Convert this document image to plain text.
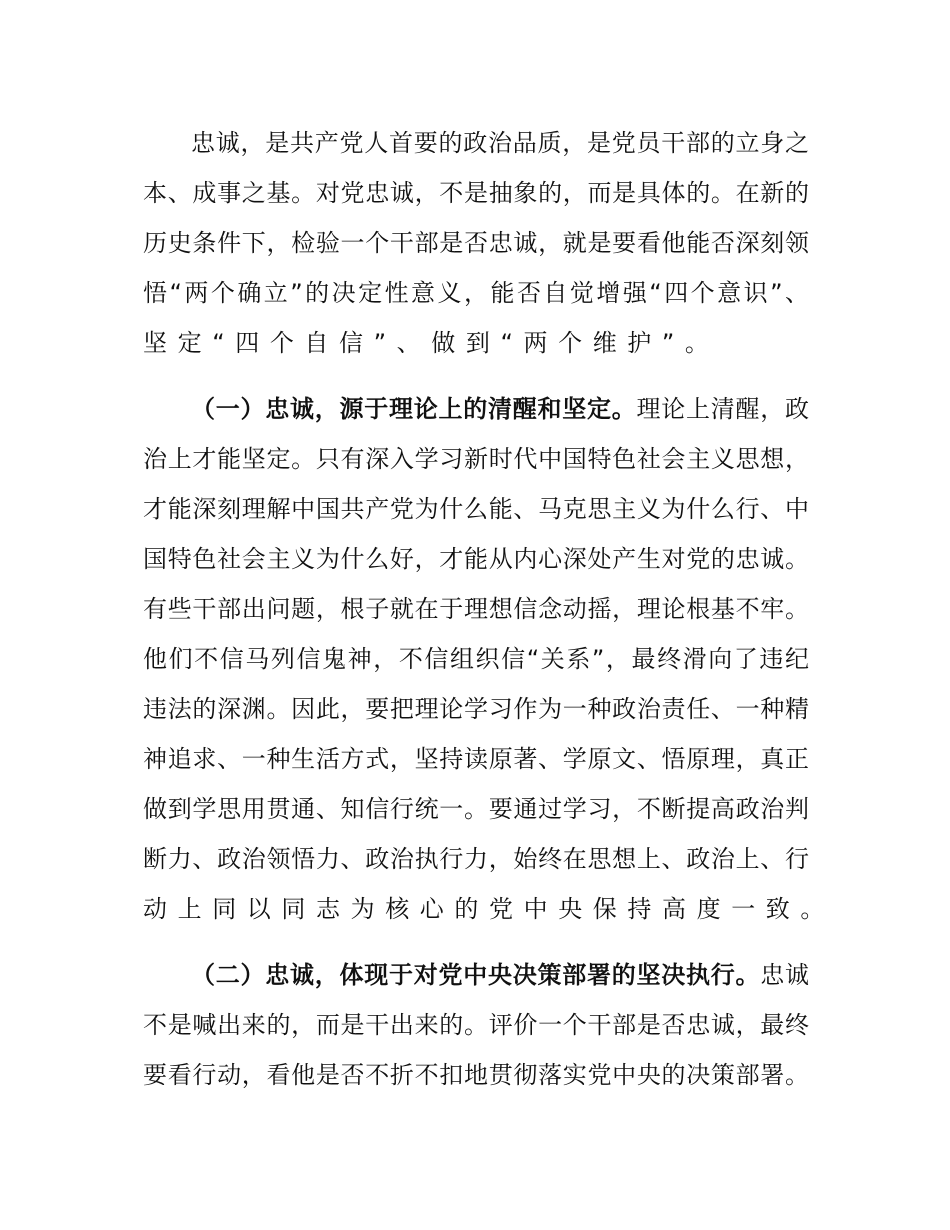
忠诚，是共产党人首要的政治品质，是党员干部的立身之
本、成事之基。对党忠诚，不是抽象的，而是具体的。在新的
历史条件下，检验一个干部是否忠诚，就是要看他能否深刻领
悟“两个确立”的决定性意义，能否自觉增强“四个意识”、
坚定“四个自信”、做到“两个维护”。
（一）忠诚，源于理论上的清醒和坚定。理论上清醒，政
治上才能坚定。只有深入学习新时代中国特色社会主义思想，
才能深刻理解中国共产党为什么能、马克思主义为什么行、中
国特色社会主义为什么好，才能从内心深处产生对党的忠诚。
有些干部出问题，根子就在于理想信念动摇，理论根基不牢。
他们不信马列信鬼神，不信组织信“关系”，最终滑向了违纪
违法的深渊。因此，要把理论学习作为一种政治责任、一种精
神追求、一种生活方式，坚持读原著、学原文、悟原理，真正
做到学思用贯通、知信行统一。要通过学习，不断提高政治判
断力、政治领悟力、政治执行力，始终在思想上、政治上、行
动上同以同志为核心的党中央保持高度一致。
（二）忠诚，体现于对党中央决策部署的坚决执行。忠诚
不是喊出来的，而是干出来的。评价一个干部是否忠诚，最终
要看行动，看他是否不折不扣地贯彻落实党中央的决策部署。
